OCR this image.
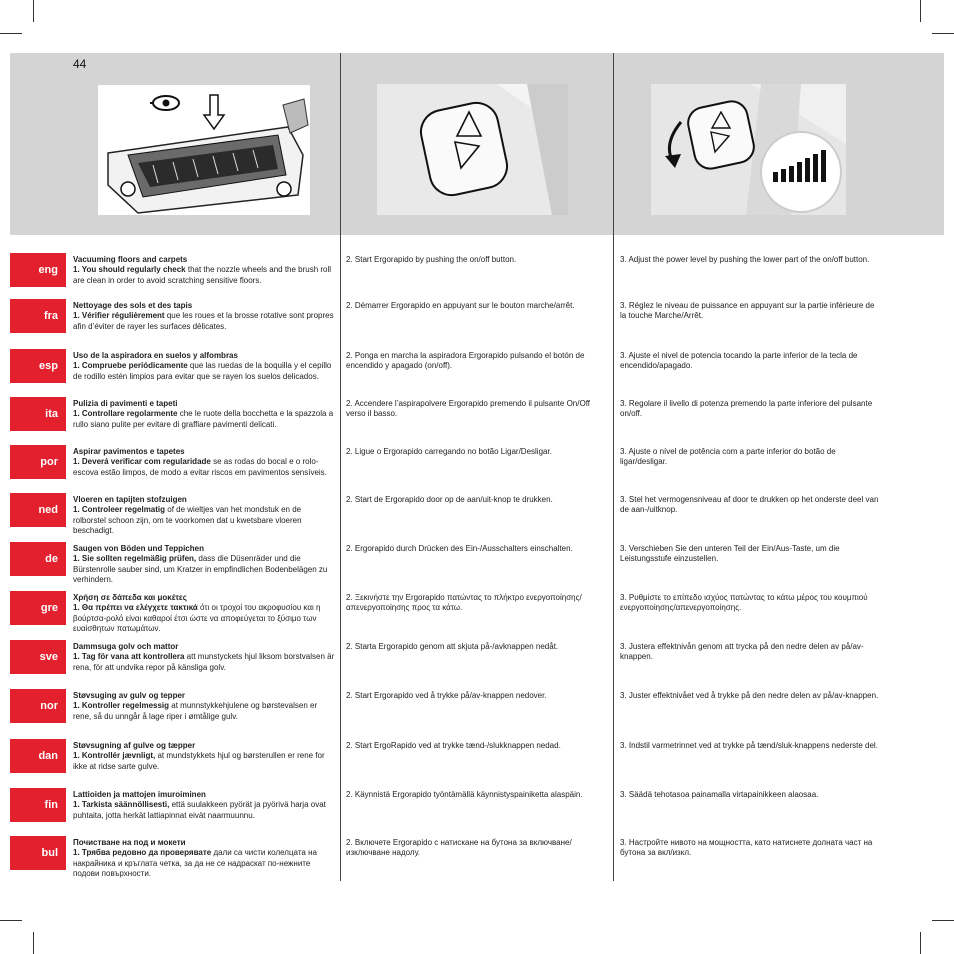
44
eng
Vacuuming floors and carpets
1. You should regularly check that the nozzle wheels and the brush roll are clean in order to avoid scratching sensitive floors.
2. Start Ergorapido by pushing the on/off button.	3. Adjust the power level by pushing the lower part of the on/off button.
fra
Nettoyage des sols et des tapis
1. Vérifier régulièrement que les roues et la brosse rotative sont propres afin d’éviter de rayer les surfaces délicates.
2. Démarrer Ergorapido en appuyant sur le bouton marche/arrêt.	3. Réglez le niveau de puissance en appuyant sur la partie inférieure de la touche Marche/Arrêt.
esp
Uso de la aspiradora en suelos y alfombras
1. Compruebe periódicamente que las ruedas de la boquilla y el cepillo de rodillo estén limpios para evitar que se rayen los suelos delicados.
2. Ponga en marcha la aspiradora Ergorapido pulsando el botón de encendido y apagado (on/off).
3. Ajuste el nivel de potencia tocando la parte inferior de la tecla de encendido/apagado.
ita
Pulizia di pavimenti e tapeti
1. Controllare regolarmente che le ruote della bocchetta e la spazzola a rullo siano pulite per evitare di graffiare pavimenti delicati.
2. Accendere l’aspirapolvere Ergorapido premendo il pulsante On/Off verso il basso.
3. Regolare il livello di potenza premendo la parte inferiore del pulsante on/off.
por
Aspirar pavimentos e tapetes
1. Deverá verificar com regularidade se as rodas do bocal e o rolo-escova estão limpos, de modo a evitar riscos em pavimentos sensíveis.
2. Ligue o Ergorapido carregando no botão Ligar/Desligar.	3. Ajuste o nível de potência com a parte inferior do botão de ligar/desligar.
ned
Vloeren en tapijten stofzuigen
1. Controleer regelmatig of de wieltjes van het mondstuk en de rolborstel schoon zijn, om te voorkomen dat u kwetsbare vloeren beschadigt.
2. Start de Ergorapido door op de aan/uit-knop te drukken.	3. Stel het vermogensniveau af door te drukken op het onderste deel van de aan-/uitknop.
de
Saugen von Böden und Teppichen
1. Sie sollten regelmäßig prüfen, dass die Düsenräder und die Bürstenrolle sauber sind, um Kratzer in empfindlichen Bodenbelägen zu verhindern.
2. Ergorapido durch Drücken des Ein-/Ausschalters einschalten.	3. Verschieben Sie den unteren Teil der Ein/Aus-Taste, um die Leistungsstufe einzustellen.
gre
Χρήση σε δάπεδα και μοκέτες
1. Θα πρέπει να ελέγχετε τακτικά ότι οι τροχοί του ακροφυσίου και η βούρτσα-ρολό είναι καθαροί έτσι ώστε να αποφεύγεται το ξύσιμο των ευαίσθητων πατωμάτων.
2. Ξεκινήστε την Ergorapido πατώντας το πλήκτρο ενεργοποίησης/απενεργοποίησης προς τα κάτω.
3. Ρυθμίστε το επίπεδο ισχύος πατώντας το κάτω μέρος του κουμπιού ενεργοποίησης/απενεργοποίησης.
sve
Dammsuga golv och mattor
1. Tag för vana att kontrollera att munstyckets hjul liksom borstvalsen är rena, för att undvika repor på känsliga golv.
2. Starta Ergorapido genom att skjuta på-/avknappen nedåt.	3. Justera effektnivån genom att trycka på den nedre delen av på/av-knappen.
nor
Støvsuging av gulv og tepper
1. Kontroller regelmessig at munnstykkehjulene og børstevalsen er rene, så du unngår å lage riper i ømtålige gulv.
2. Start Ergorapido ved å trykke på/av-knappen nedover.	3. Juster effektnivået ved å trykke på den nedre delen av på/av-knappen.
dan
Støvsugning af gulve og tæpper
1. Kontrollér jævnligt, at mundstykkets hjul og børsterullen er rene for ikke at ridse sarte gulve.
2. Start ErgoRapido ved at trykke tænd-/slukknappen nedad.	3. Indstil varmetrinnet ved at trykke på tænd/sluk-knappens nederste del.
fin
Lattioiden ja mattojen imuroiminen
1. Tarkista säännöllisesti, että suulakkeen pyörät ja pyörivä harja ovat puhtaita, jotta herkät lattiapinnat eivät naarmuunnu.
2. Käynnistä Ergorapido työntämällä käynnistyspainiketta alaspäin.	3. Säädä tehotasoa painamalla virtapainikkeen alaosaa.
bul
Почистване на под и мокети
1. Трябва редовно да проверявате дали са чисти колелцата на накрайника и кръглата четка, за да не се надраскат по-нежните подови повърхности.
2. Включете Ergorapido с натискане на бутона за включване/изключване надолу.
3. Настройте нивото на мощността, като натиснете долната част на бутона за вкл/изкл.
